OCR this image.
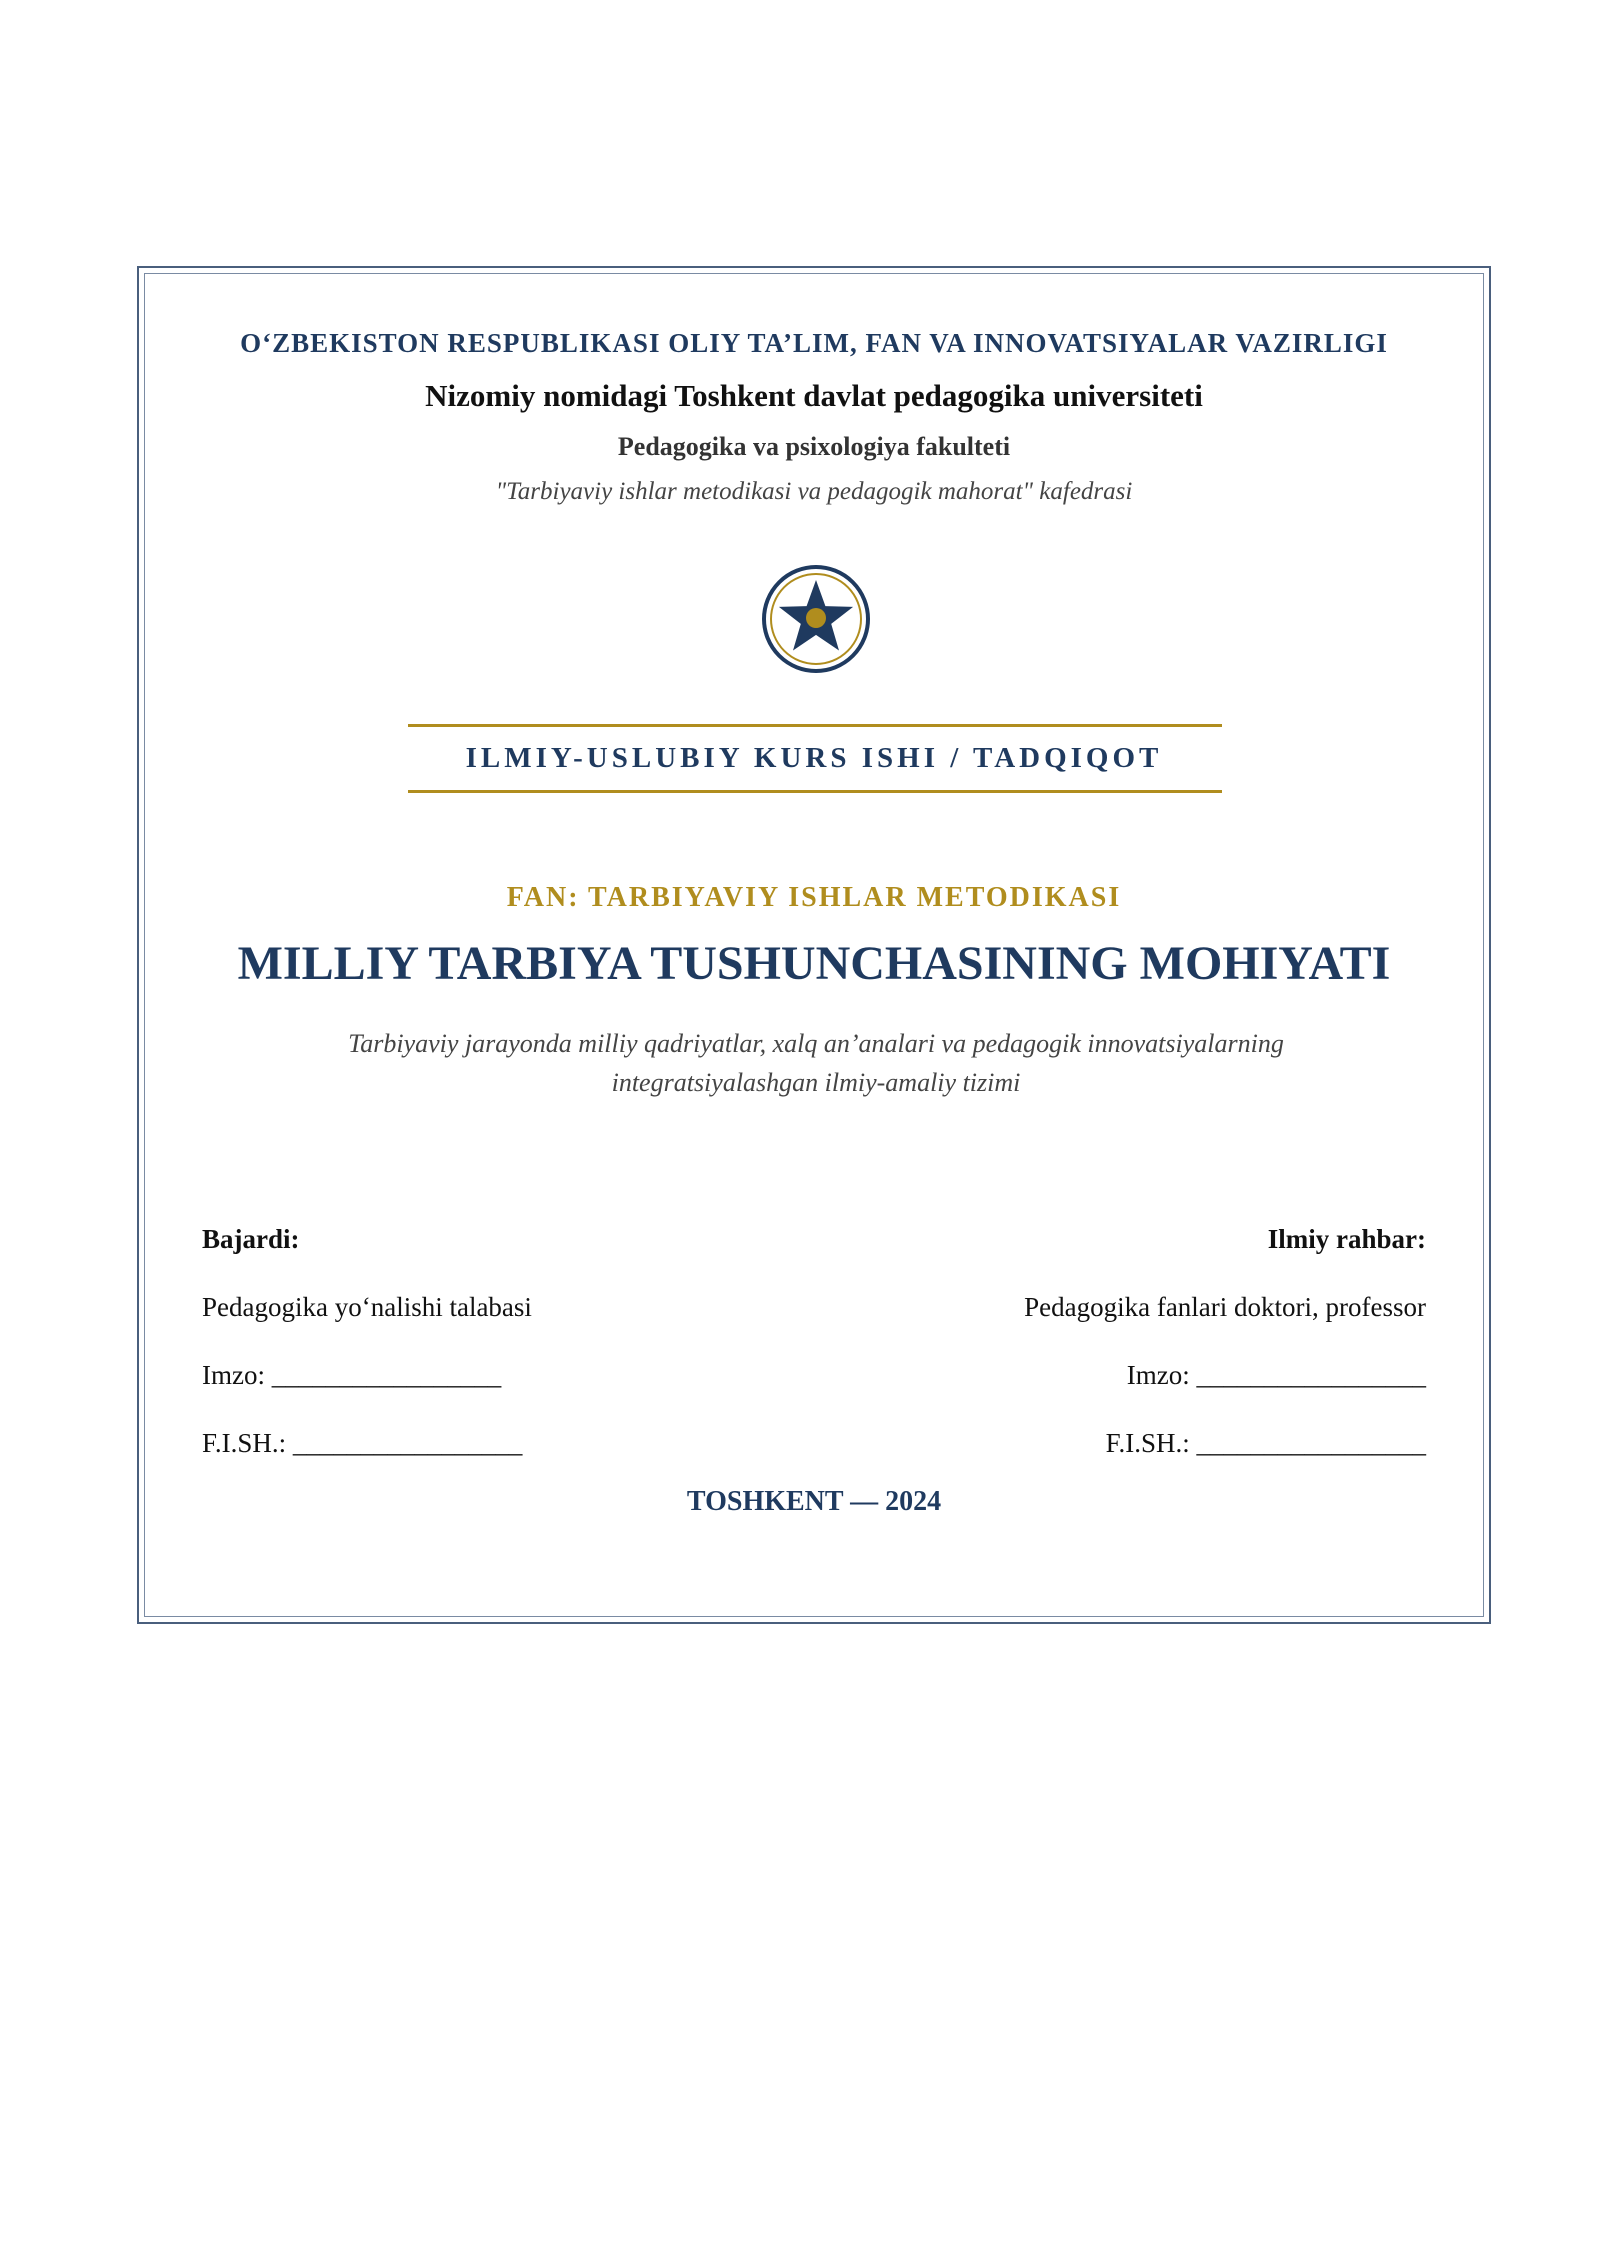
O‘ZBEKISTON RESPUBLIKASI OLIY TA’LIM, FAN VA INNOVATSIYALAR VAZIRLIGI
Nizomiy nomidagi Toshkent davlat pedagogika universiteti
Pedagogika va psixologiya fakulteti
"Tarbiyaviy ishlar metodikasi va pedagogik mahorat" kafedrasi
ILMIY-USLUBIY KURS ISHI / TADQIQOT
FAN: TARBIYAVIY ISHLAR METODIKASI
MILLIY TARBIYA TUSHUNCHASINING MOHIYATI
Tarbiyaviy jarayonda milliy qadriyatlar, xalq an’analari va pedagogik innovatsiyalarning
integratsiyalashgan ilmiy-amaliy tizimi
Bajardi:
Pedagogika yo‘nalishi talabasi
Imzo: _________________
F.I.SH.: _________________
Ilmiy rahbar:
Pedagogika fanlari doktori, professor
Imzo: _________________
F.I.SH.: _________________
TOSHKENT — 2024
